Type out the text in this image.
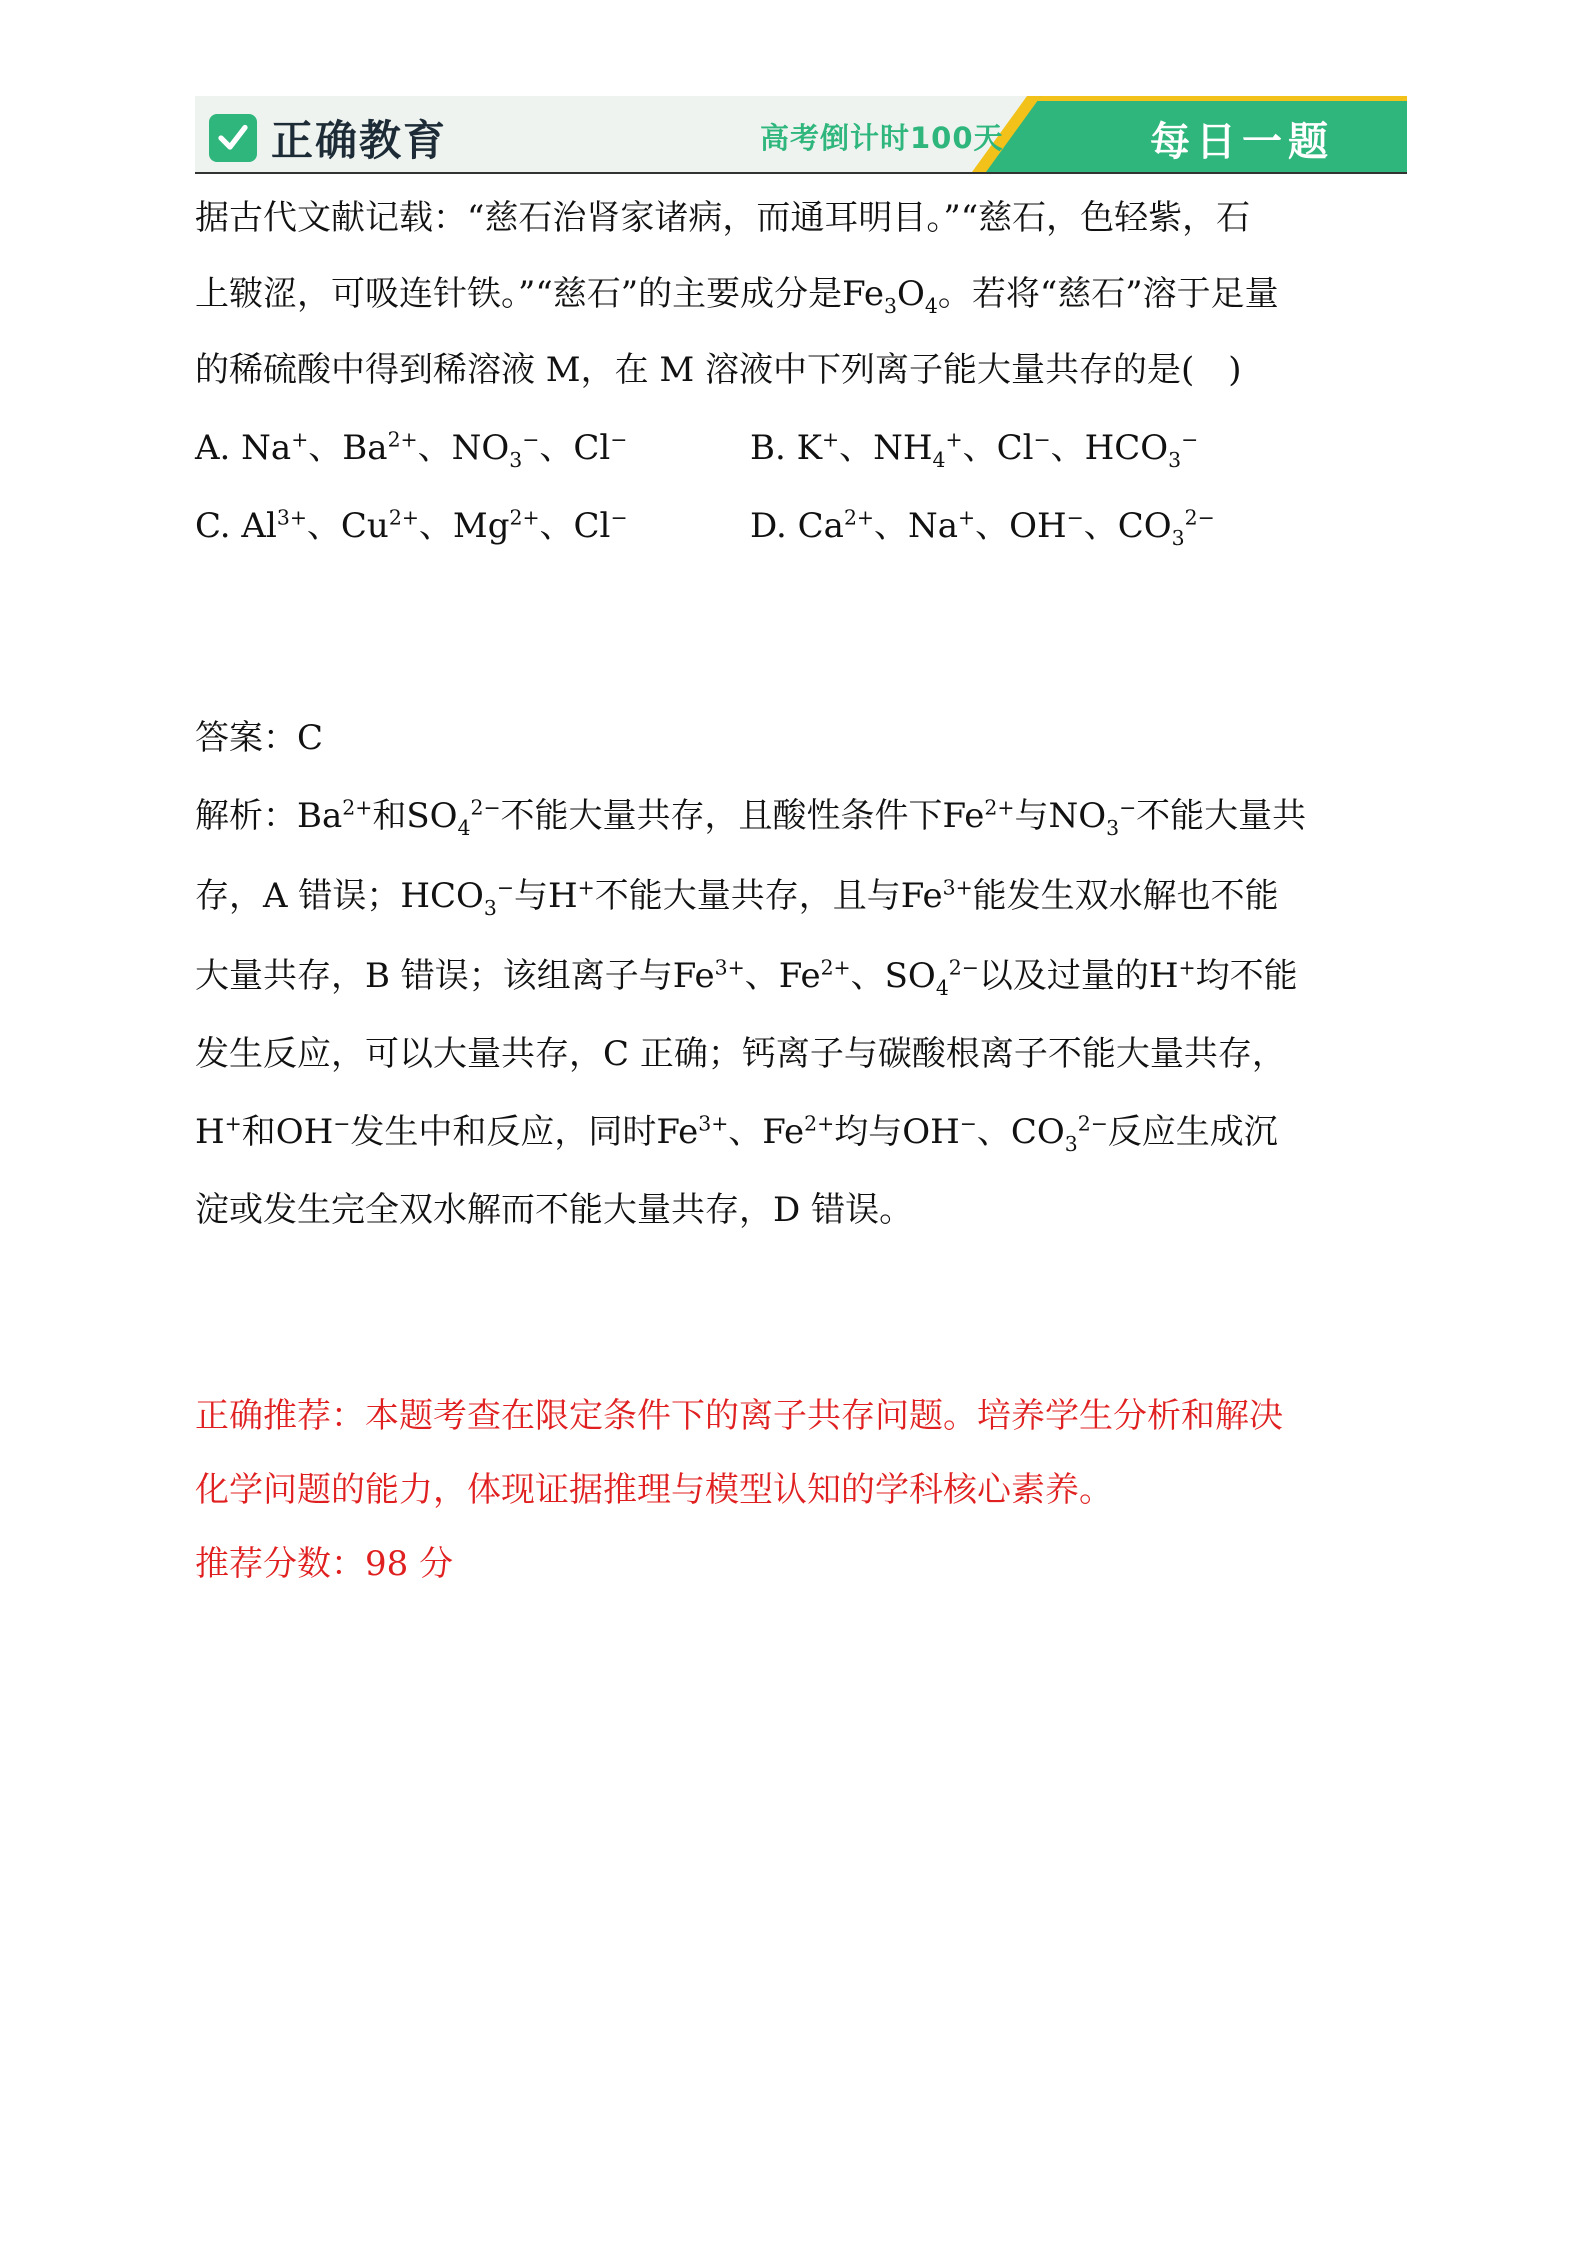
正确教育	高考倒计时100天	每日一题
据古代文献记载：“慈石治肾家诸病，而通耳明目。”“慈石，色轻紫，石
上皲涩，可吸连针铁。”“慈石”的主要成分是$Fe_3O_4$。若将“慈石”溶于足量
的稀硫酸中得到稀溶液 M，在 M 溶液中下列离子能大量共存的是(　)
A. Na+、$Ba^{2+}$、$NO_3^-$、Cl−	B. K+、$NH_4^+$、Cl−、$HCO_3^-$
C. $Al^{3+}$、$Cu^{2+}$、$Mg^{2+}$、Cl−	D. $Ca^{2+}$、Na+、OH−、$CO_3^{2-}$
答案：C
解析：$Ba^{2+}$和$SO_4^{2-}$不能大量共存，且酸性条件下$Fe^{2+}$与$NO_3^-$不能大量共
存，A 错误；$HCO_3^-$与H+不能大量共存，且与$Fe^{3+}$能发生双水解也不能
大量共存，B 错误；该组离子与$Fe^{3+}$、$Fe^{2+}$、$SO_4^{2-}$以及过量的H+均不能
发生反应，可以大量共存，C 正确；钙离子与碳酸根离子不能大量共存，
H+和OH−发生中和反应，同时$Fe^{3+}$、$Fe^{2+}$均与OH−、$CO_3^{2-}$反应生成沉
淀或发生完全双水解而不能大量共存，D 错误。
正确推荐：本题考查在限定条件下的离子共存问题。培养学生分析和解决
化学问题的能力，体现证据推理与模型认知的学科核心素养。
推荐分数：98 分
